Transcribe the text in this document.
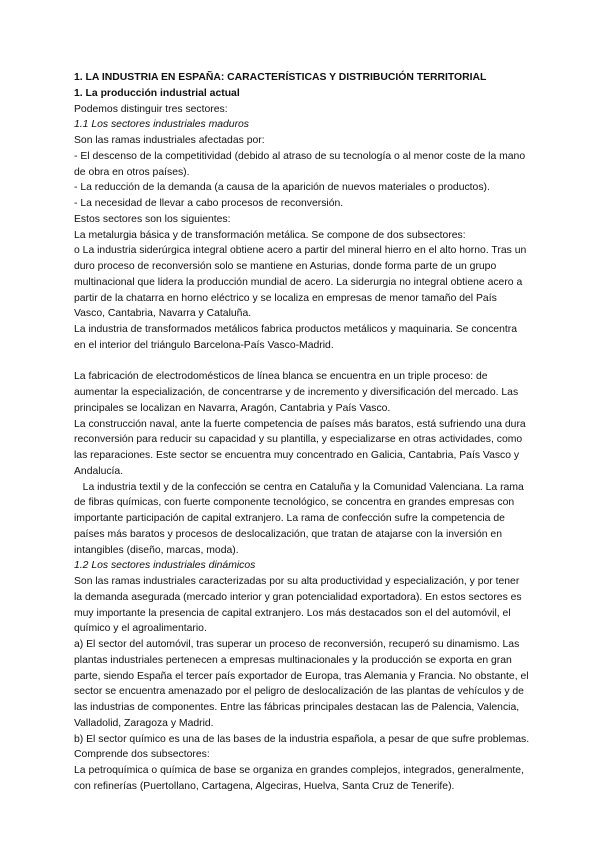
1. LA INDUSTRIA EN ESPAÑA: CARACTERÍSTICAS Y DISTRIBUCIÓN TERRITORIAL

1. La producción industrial actual

Podemos distinguir tres sectores:

1.1 Los sectores industriales maduros

Son las ramas industriales afectadas por:

- El descenso de la competitividad (debido al atraso de su tecnología o al menor coste de la mano de obra en otros países).

- La reducción de la demanda (a causa de la aparición de nuevos materiales o productos).

- La necesidad de llevar a cabo procesos de reconversión.

Estos sectores son los siguientes:

La metalurgia básica y de transformación metálica. Se compone de dos subsectores:

o La industria siderúrgica integral obtiene acero a partir del mineral hierro en el alto horno. Tras un duro proceso de reconversión solo se mantiene en Asturias, donde forma parte de un grupo multinacional que lidera la producción mundial de acero. La siderurgia no integral obtiene acero a partir de la chatarra en horno eléctrico y se localiza en empresas de menor tamaño del País Vasco, Cantabria, Navarra y Cataluña.

La industria de transformados metálicos fabrica productos metálicos y maquinaria. Se concentra en el interior del triángulo Barcelona-País Vasco-Madrid.

La fabricación de electrodomésticos de línea blanca se encuentra en un triple proceso: de aumentar la especialización, de concentrarse y de incremento y diversificación del mercado. Las principales se localizan en Navarra, Aragón, Cantabria y País Vasco.

La construcción naval, ante la fuerte competencia de países más baratos, está sufriendo una dura reconversión para reducir su capacidad y su plantilla, y especializarse en otras actividades, como las reparaciones. Este sector se encuentra muy concentrado en Galicia, Cantabria, País Vasco y Andalucía.

La industria textil y de la confección se centra en Cataluña y la Comunidad Valenciana. La rama de fibras químicas, con fuerte componente tecnológico, se concentra en grandes empresas con importante participación de capital extranjero. La rama de confección sufre la competencia de países más baratos y procesos de deslocalización, que tratan de atajarse con la inversión en intangibles (diseño, marcas, moda).

1.2 Los sectores industriales dinámicos

Son las ramas industriales caracterizadas por su alta productividad y especialización, y por tener la demanda asegurada (mercado interior y gran potencialidad exportadora). En estos sectores es muy importante la presencia de capital extranjero. Los más destacados son el del automóvil, el químico y el agroalimentario.

a) El sector del automóvil, tras superar un proceso de reconversión, recuperó su dinamismo. Las plantas industriales pertenecen a empresas multinacionales y la producción se exporta en gran parte, siendo España el tercer país exportador de Europa, tras Alemania y Francia. No obstante, el sector se encuentra amenazado por el peligro de deslocalización de las plantas de vehículos y de las industrias de componentes. Entre las fábricas principales destacan las de Palencia, Valencia, Valladolid, Zaragoza y Madrid.

b) El sector químico es una de las bases de la industria española, a pesar de que sufre problemas. Comprende dos subsectores:

La petroquímica o química de base se organiza en grandes complejos, integrados, generalmente, con refinerías (Puertollano, Cartagena, Algeciras, Huelva, Santa Cruz de Tenerife).
